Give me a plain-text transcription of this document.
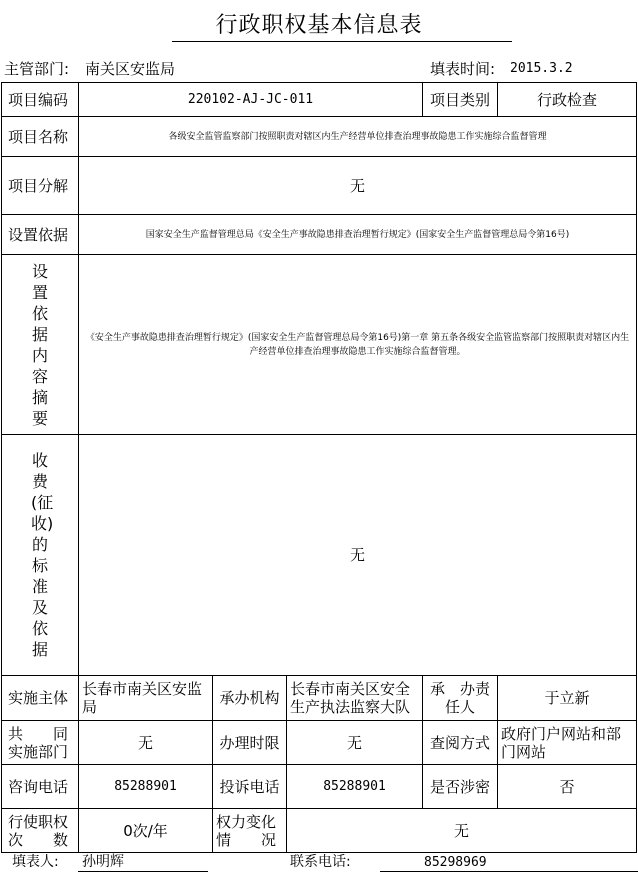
行政职权基本信息表
主管部门: 南关区安监局	填表时间: 2015.3.2
项目编码	220102-AJ-JC-011			项目类别	行政检查
项目名称	各级安全监管监察部门按照职责对辖区内生产经营单位排查治理事故隐患工作实施综合监督管理				
项目分解	无				
设置依据	国家安全生产监督管理总局《安全生产事故隐患排查治理暂行规定》(国家安全生产监督管理总局令第16号)				
设置依据内容摘要	《安全生产事故隐患排查治理暂行规定》(国家安全生产监督管理总局令第16号)第一章 第五条各级安全监管监察部门按照职责对辖区内生产经营单位排查治理事故隐患工作实施综合监督管理。				
收费(征收)的标准及依据	无				
实施主体	长春市南关区安监局	承办机构	长春市南关区安全生产执法监察大队	承　办责任人	于立新
共　　同实施部门	无	办理时限	无	查阅方式	政府门户网站和部门网站
咨询电话	85288901	投诉电话	85288901	是否涉密	否
行使职权次　　数	0次/年	权力变化情　　况	无		
填表人: 孙明辉	联系电话:	85298969
